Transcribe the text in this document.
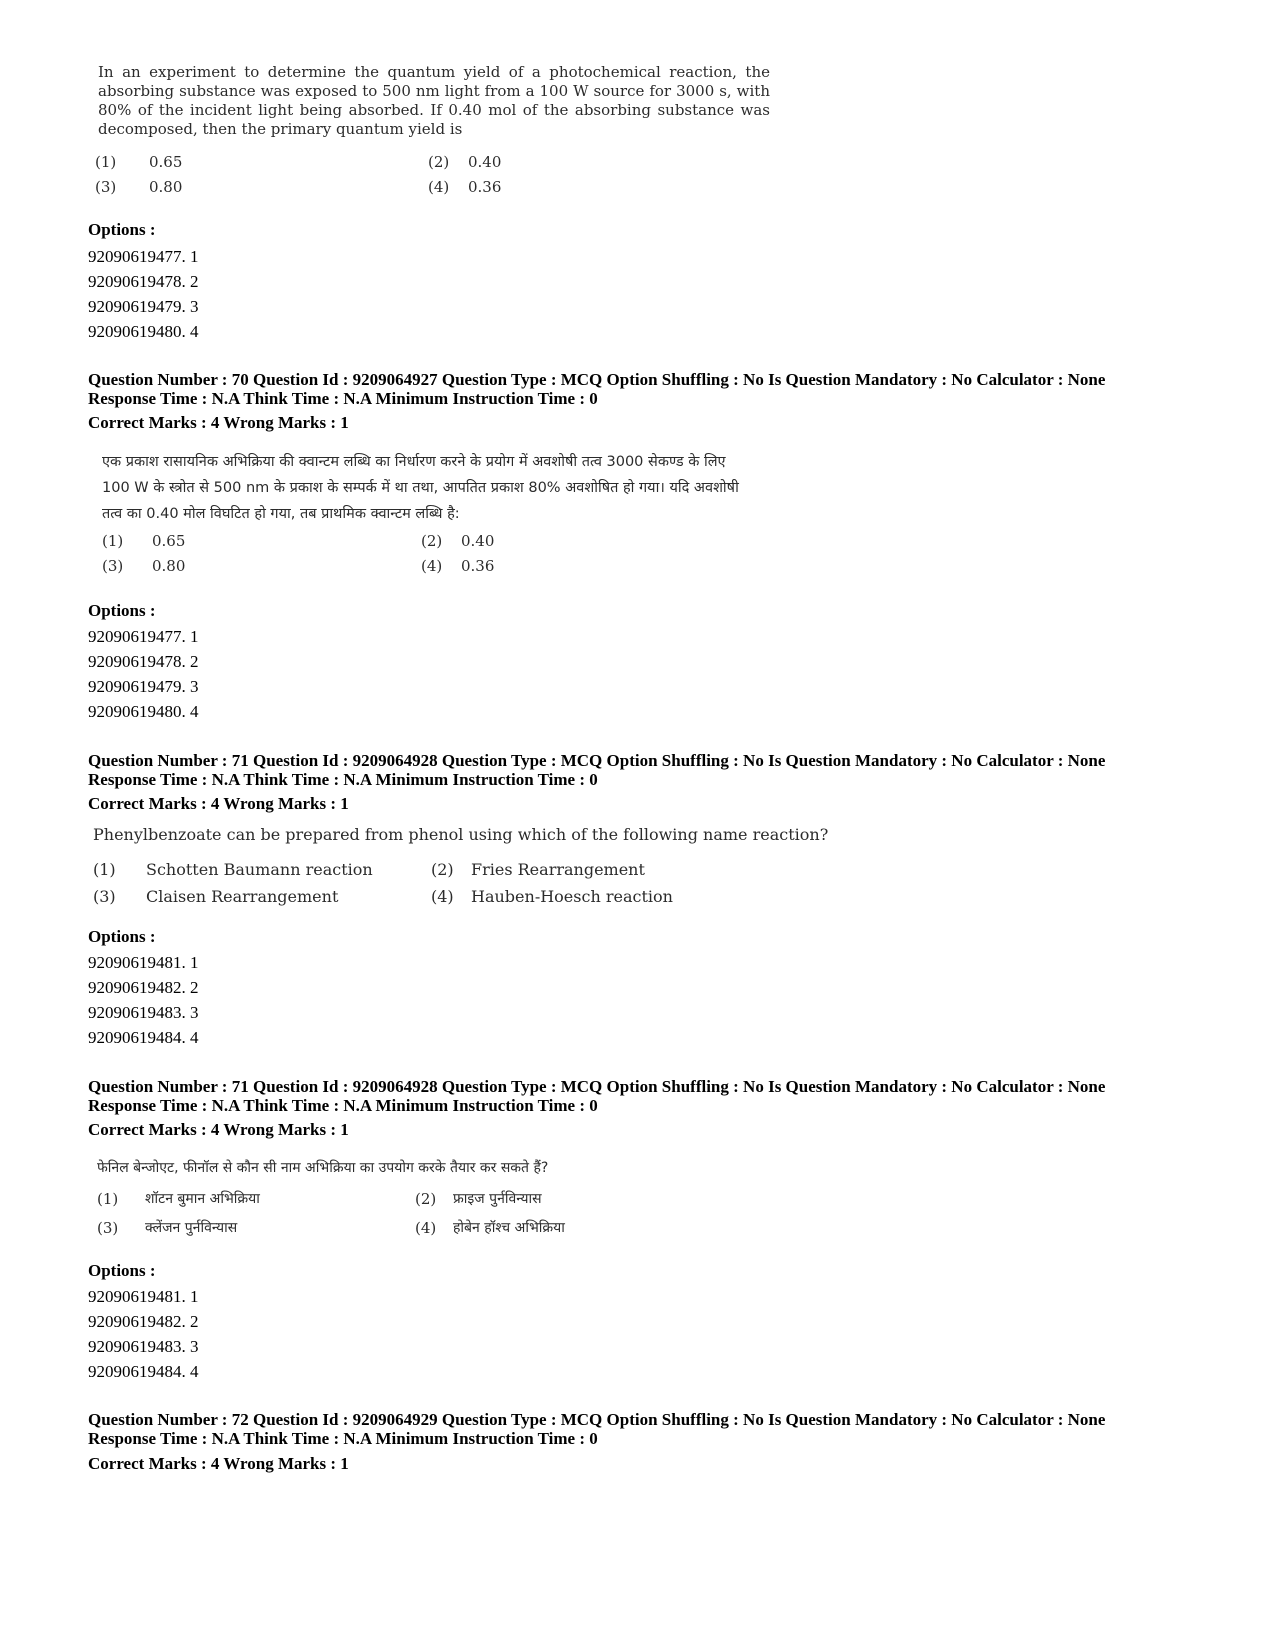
In an experiment to determine the quantum yield of a photochemical reaction, the absorbing substance was exposed to 500 nm light from a 100 W source for 3000 s, with 80% of the incident light being absorbed. If 0.40 mol of the absorbing substance was decomposed, then the primary quantum yield is
(1) 0.65	(2) 0.40
(3) 0.80	(4) 0.36
Options :
92090619477. 1
92090619478. 2
92090619479. 3
92090619480. 4
Question Number : 70 Question Id : 9209064927 Question Type : MCQ Option Shuffling : No Is Question Mandatory : No Calculator : None
Response Time : N.A Think Time : N.A Minimum Instruction Time : 0
Correct Marks : 4 Wrong Marks : 1
एक प्रकाश रासायनिक अभिक्रिया की क्वान्टम लब्धि का निर्धारण करने के प्रयोग में अवशोषी तत्व 3000 सेकण्ड के लिए
100 W के स्त्रोत से 500 nm के प्रकाश के सम्पर्क में था तथा, आपतित प्रकाश 80% अवशोषित हो गया। यदि अवशोषी
तत्व का 0.40 मोल विघटित हो गया, तब प्राथमिक क्वान्टम लब्धि है:
(1) 0.65	(2) 0.40
(3) 0.80	(4) 0.36
Options :
92090619477. 1
92090619478. 2
92090619479. 3
92090619480. 4
Question Number : 71 Question Id : 9209064928 Question Type : MCQ Option Shuffling : No Is Question Mandatory : No Calculator : None
Response Time : N.A Think Time : N.A Minimum Instruction Time : 0
Correct Marks : 4 Wrong Marks : 1
Phenylbenzoate can be prepared from phenol using which of the following name reaction?
(1) Schotten Baumann reaction	(2) Fries Rearrangement
(3) Claisen Rearrangement	(4) Hauben-Hoesch reaction
Options :
92090619481. 1
92090619482. 2
92090619483. 3
92090619484. 4
Question Number : 71 Question Id : 9209064928 Question Type : MCQ Option Shuffling : No Is Question Mandatory : No Calculator : None
Response Time : N.A Think Time : N.A Minimum Instruction Time : 0
Correct Marks : 4 Wrong Marks : 1
फेनिल बेन्जोएट, फीनॉल से कौन सी नाम अभिक्रिया का उपयोग करके तैयार कर सकते हैं?
(1) शॉटन बुमान अभिक्रिया	(2) फ्राइज पुर्नविन्यास
(3) क्लेंजन पुर्नविन्यास	(4) होबेन हॉश्च अभिक्रिया
Options :
92090619481. 1
92090619482. 2
92090619483. 3
92090619484. 4
Question Number : 72 Question Id : 9209064929 Question Type : MCQ Option Shuffling : No Is Question Mandatory : No Calculator : None
Response Time : N.A Think Time : N.A Minimum Instruction Time : 0
Correct Marks : 4 Wrong Marks : 1
